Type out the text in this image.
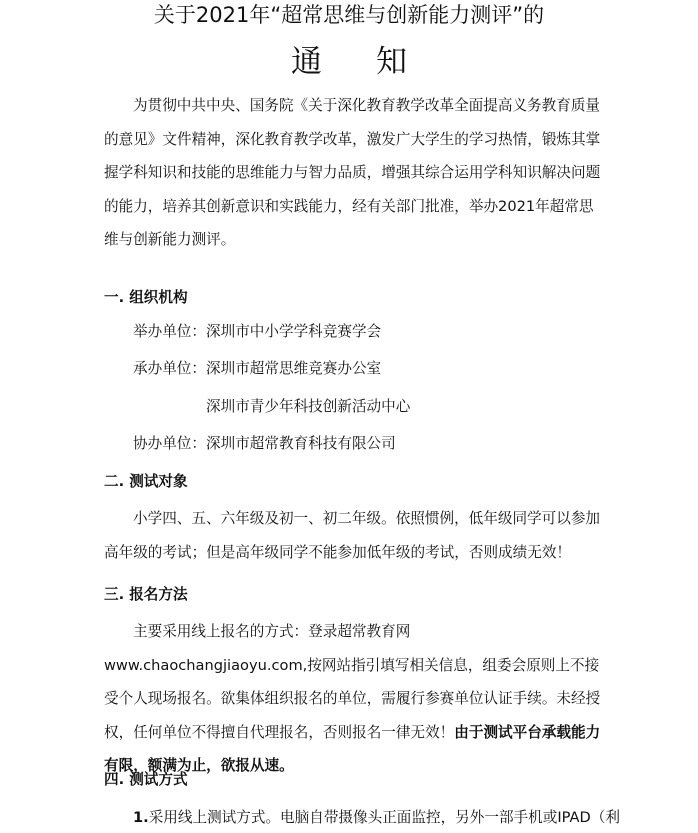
关于2021年“超常思维与创新能力测评”的
通知
为贯彻中共中央、国务院《关于深化教育教学改革全面提高义务教育质量的意见》文件精神，深化教育教学改革，激发广大学生的学习热情，锻炼其掌握学科知识和技能的思维能力与智力品质，增强其综合运用学科知识解决问题的能力，培养其创新意识和实践能力，经有关部门批准，举办2021年超常思维与创新能力测评。
一. 组织机构
举办单位：深圳市中小学学科竞赛学会
承办单位：深圳市超常思维竞赛办公室
深圳市青少年科技创新活动中心
协办单位：深圳市超常教育科技有限公司
二. 测试对象
小学四、五、六年级及初一、初二年级。依照惯例，低年级同学可以参加高年级的考试；但是高年级同学不能参加低年级的考试，否则成绩无效！
三. 报名方法
主要采用线上报名的方式：登录超常教育网 www.chaochangjiaoyu.com,按网站指引填写相关信息，组委会原则上不接受个人现场报名。欲集体组织报名的单位，需履行参赛单位认证手续。未经授权，任何单位不得擅自代理报名，否则报名一律无效！由于测试平台承载能力有限，额满为止，欲报从速。
四. 测试方式
1.采用线上测试方式。电脑自带摄像头正面监控，另外一部手机或IPAD（利
